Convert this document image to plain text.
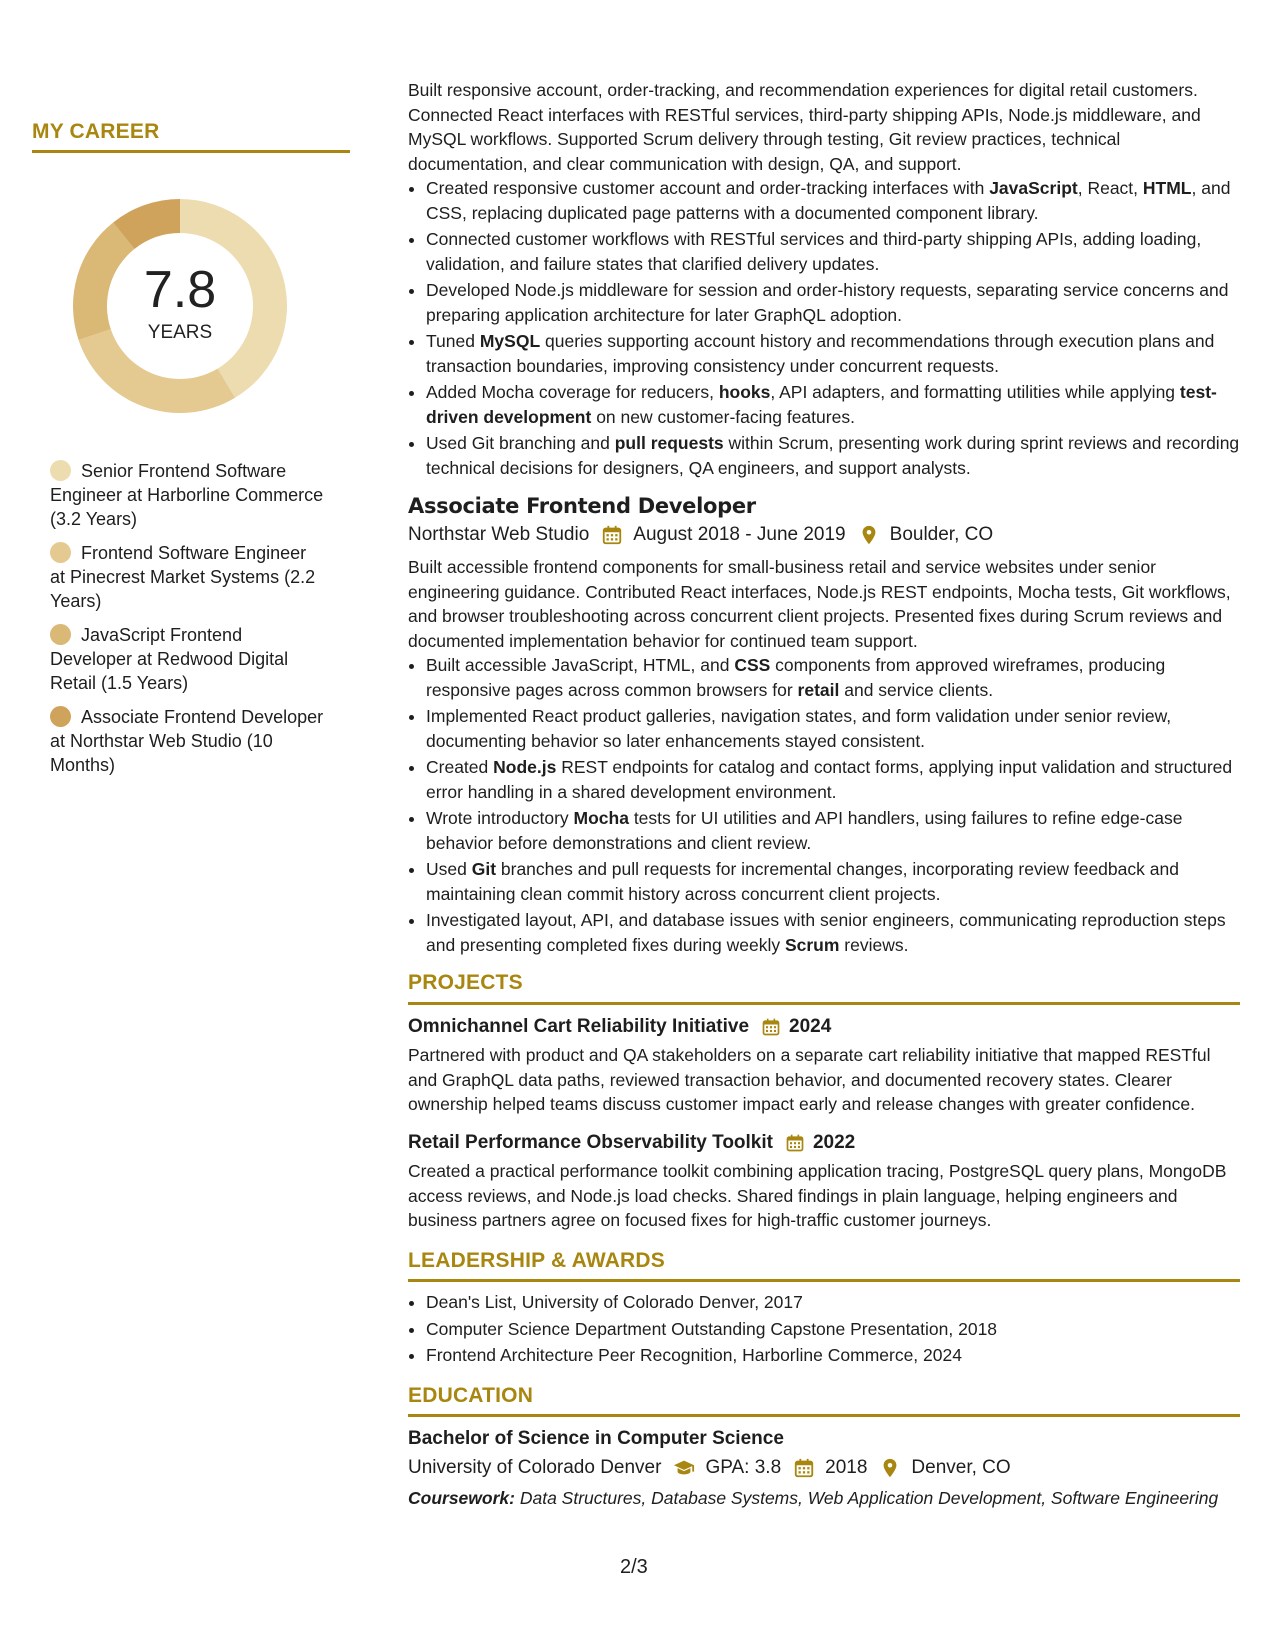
MY CAREER
7.8
YEARS
Senior Frontend Software Engineer at Harborline Commerce (3.2 Years)
Frontend Software Engineer at Pinecrest Market Systems (2.2 Years)
JavaScript Frontend Developer at Redwood Digital Retail (1.5 Years)
Associate Frontend Developer at Northstar Web Studio (10 Months)

Built responsive account, order-tracking, and recommendation experiences for digital retail customers. Connected React interfaces with RESTful services, third-party shipping APIs, Node.js middleware, and MySQL workflows. Supported Scrum delivery through testing, Git review practices, technical documentation, and clear communication with design, QA, and support.

• Created responsive customer account and order-tracking interfaces with JavaScript, React, HTML, and CSS, replacing duplicated page patterns with a documented component library.
• Connected customer workflows with RESTful services and third-party shipping APIs, adding loading, validation, and failure states that clarified delivery updates.
• Developed Node.js middleware for session and order-history requests, separating service concerns and preparing application architecture for later GraphQL adoption.
• Tuned MySQL queries supporting account history and recommendations through execution plans and transaction boundaries, improving consistency under concurrent requests.
• Added Mocha coverage for reducers, hooks, API adapters, and formatting utilities while applying test-driven development on new customer-facing features.
• Used Git branching and pull requests within Scrum, presenting work during sprint reviews and recording technical decisions for designers, QA engineers, and support analysts.
Associate Frontend Developer
Northstar Web Studio August 2018 - June 2019 Boulder, CO

Built accessible frontend components for small-business retail and service websites under senior engineering guidance. Contributed React interfaces, Node.js REST endpoints, Mocha tests, Git workflows, and browser troubleshooting across concurrent client projects. Presented fixes during Scrum reviews and documented implementation behavior for continued team support.

• Built accessible JavaScript, HTML, and CSS components from approved wireframes, producing responsive pages across common browsers for retail and service clients.
• Implemented React product galleries, navigation states, and form validation under senior review, documenting behavior so later enhancements stayed consistent.
• Created Node.js REST endpoints for catalog and contact forms, applying input validation and structured error handling in a shared development environment.
• Wrote introductory Mocha tests for UI utilities and API handlers, using failures to refine edge-case behavior before demonstrations and client review.
• Used Git branches and pull requests for incremental changes, incorporating review feedback and maintaining clean commit history across concurrent client projects.
• Investigated layout, API, and database issues with senior engineers, communicating reproduction steps and presenting completed fixes during weekly Scrum reviews.
PROJECTS
Omnichannel Cart Reliability Initiative 2024

Partnered with product and QA stakeholders on a separate cart reliability initiative that mapped RESTful and GraphQL data paths, reviewed transaction behavior, and documented recovery states. Clearer ownership helped teams discuss customer impact early and release changes with greater confidence.

Retail Performance Observability Toolkit 2022

Created a practical performance toolkit combining application tracing, PostgreSQL query plans, MongoDB access reviews, and Node.js load checks. Shared findings in plain language, helping engineers and business partners agree on focused fixes for high-traffic customer journeys.

LEADERSHIP & AWARDS
• Dean's List, University of Colorado Denver, 2017
• Computer Science Department Outstanding Capstone Presentation, 2018
• Frontend Architecture Peer Recognition, Harborline Commerce, 2024
EDUCATION
Bachelor of Science in Computer Science
University of Colorado Denver GPA: 3.8 2018 Denver, CO
Coursework: Data Structures, Database Systems, Web Application Development, Software Engineering
2/3
